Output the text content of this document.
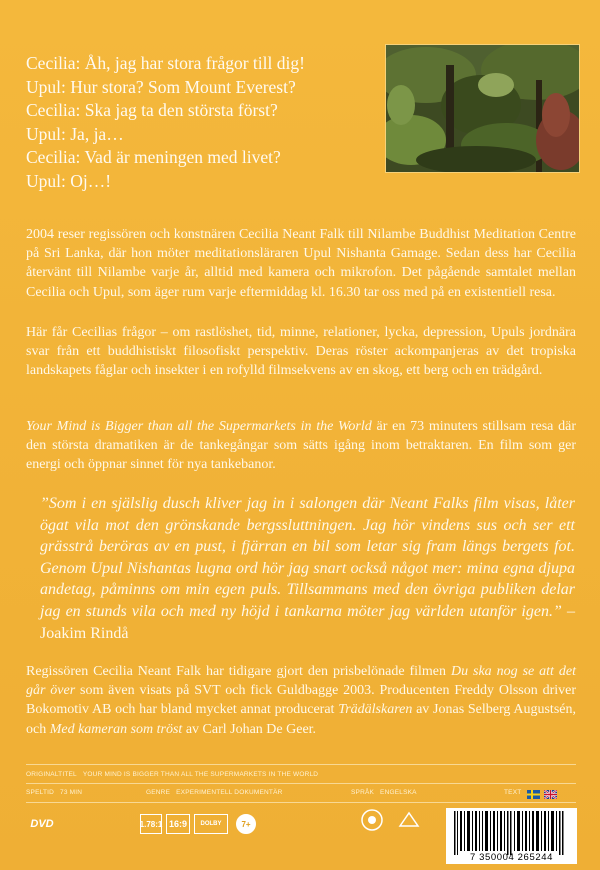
Cecilia: Åh, jag har stora frågor till dig!
Upul: Hur stora? Som Mount Everest?
Cecilia: Ska jag ta den största först?
Upul: Ja, ja…
Cecilia: Vad är meningen med livet?
Upul: Oj…!
2004 reser regissören och konstnären Cecilia Neant Falk till Nilambe Buddhist Meditation Centre på Sri Lanka, där hon möter meditationsläraren Upul Nishanta Gamage. Sedan dess har Cecilia återvänt till Nilambe varje år, alltid med kamera och mikrofon. Det pågående samtalet mellan Cecilia och Upul, som äger rum varje eftermiddag kl. 16.30 tar oss med på en existentiell resa.
Här får Cecilias frågor – om rastlöshet, tid, minne, relationer, lycka, depression, Upuls jordnära svar från ett buddhistiskt filosofiskt perspektiv. Deras röster ackompanjeras av det tropiska landskapets fåglar och insekter i en rofylld filmsekvens av en skog, ett berg och en trädgård.
Your Mind is Bigger than all the Supermarkets in the World är en 73 minuters stillsam resa där den största dramatiken är de tankegångar som sätts igång inom betraktaren. En film som ger energi och öppnar sinnet för nya tankebanor.
”Som i en själslig dusch kliver jag in i salongen där Neant Falks film visas, låter ögat vila mot den grönskande bergssluttningen. Jag hör vindens sus och ser ett grässtrå beröras av en pust, i fjärran en bil som letar sig fram längs bergets fot. Genom Upul Nishantas lugna ord hör jag snart också något mer: mina egna djupa andetag, påminns om min egen puls. Tillsammans med den övriga publiken delar jag en stunds vila och med ny höjd i tankarna möter jag världen utanför igen.” – Joakim Rindå
Regissören Cecilia Neant Falk har tidigare gjort den prisbelönade filmen Du ska nog se att det går över som även visats på SVT och fick Guldbagge 2003. Producenten Freddy Olsson driver Bokomotiv AB och har bland mycket annat producerat Trädälskaren av Jonas Selberg Augustsén, och Med kameran som tröst av Carl Johan De Geer.
ORIGINALTITEL YOUR MIND IS BIGGER THAN ALL THE SUPERMARKETS IN THE WORLD
SPELTID 73 MIN	GENRE EXPERIMENTELL DOKUMENTÄR	SPRÅK ENGELSKA	TEXT
DVD	1.78:1 16:9	DOLBY	7+
7 350004 265244
